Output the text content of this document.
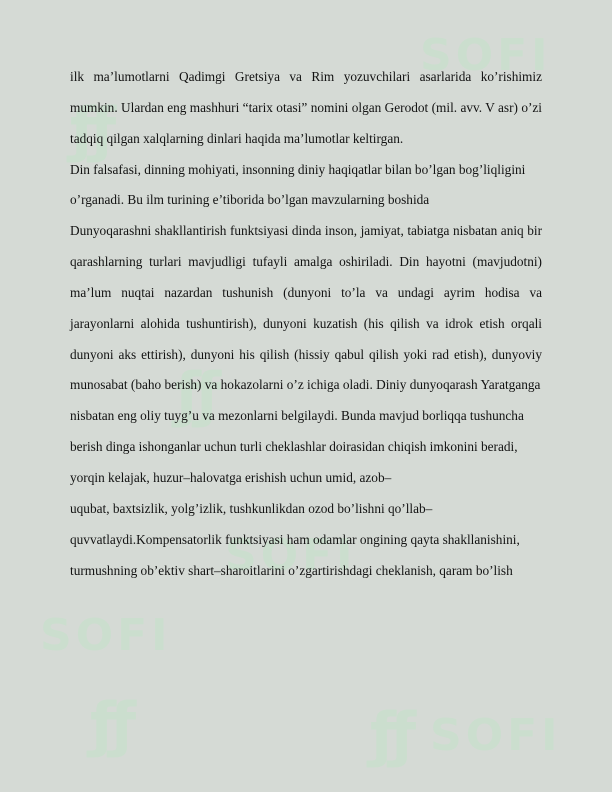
ƒƒ
SOFI
ƒƒ
SOFI
SOFI
ƒƒ	ƒƒ SOFI

ilk ma’lumotlarni Qadimgi Gretsiya va Rim yozuvchilari asarlarida ko’rishimiz mumkin. Ulardan eng mashhuri “tarix otasi” nomini olgan Gerodot (mil. avv. V asr) o’zi tadqiq qilgan xalqlarning dinlari haqida ma’lumotlar keltirgan.

Din falsafasi, dinning mohiyati, insonning diniy haqiqatlar bilan bo’lgan bog’liqligini o’rganadi. Bu ilm turining e’tiborida bo’lgan mavzularning boshida

Dunyoqarashni shakllantirish funktsiyasi dinda inson, jamiyat, tabiatga nisbatan aniq bir qarashlarning turlari mavjudligi tufayli amalga oshiriladi. Din hayotni (mavjudotni) ma’lum nuqtai nazardan tushunish (dunyoni to’la va undagi ayrim hodisa va jarayonlarni alohida tushuntirish), dunyoni kuzatish (his qilish va idrok etish orqali dunyoni aks ettirish), dunyoni his qilish (hissiy qabul qilish yoki rad etish), dunyoviy munosabat (baho berish) va hokazolarni o’z ichiga oladi. Diniy dunyoqarash Yaratganga

nisbatan eng oliy tuyg’u va mezonlarni belgilaydi. Bunda mavjud borliqqa tushuncha berish dinga ishonganlar uchun turli cheklashlar doirasidan chiqish imkonini beradi, yorqin kelajak, huzur–halovatga erishish uchun umid, azob–

uqubat, baxtsizlik, yolg’izlik, tushkunlikdan ozod bo’lishni qo’llab– quvvatlaydi.Kompensatorlik funktsiyasi ham odamlar ongining qayta shakllanishini, turmushning ob’ektiv shart–sharoitlarini o’zgartirishdagi cheklanish, qaram bo’lish
